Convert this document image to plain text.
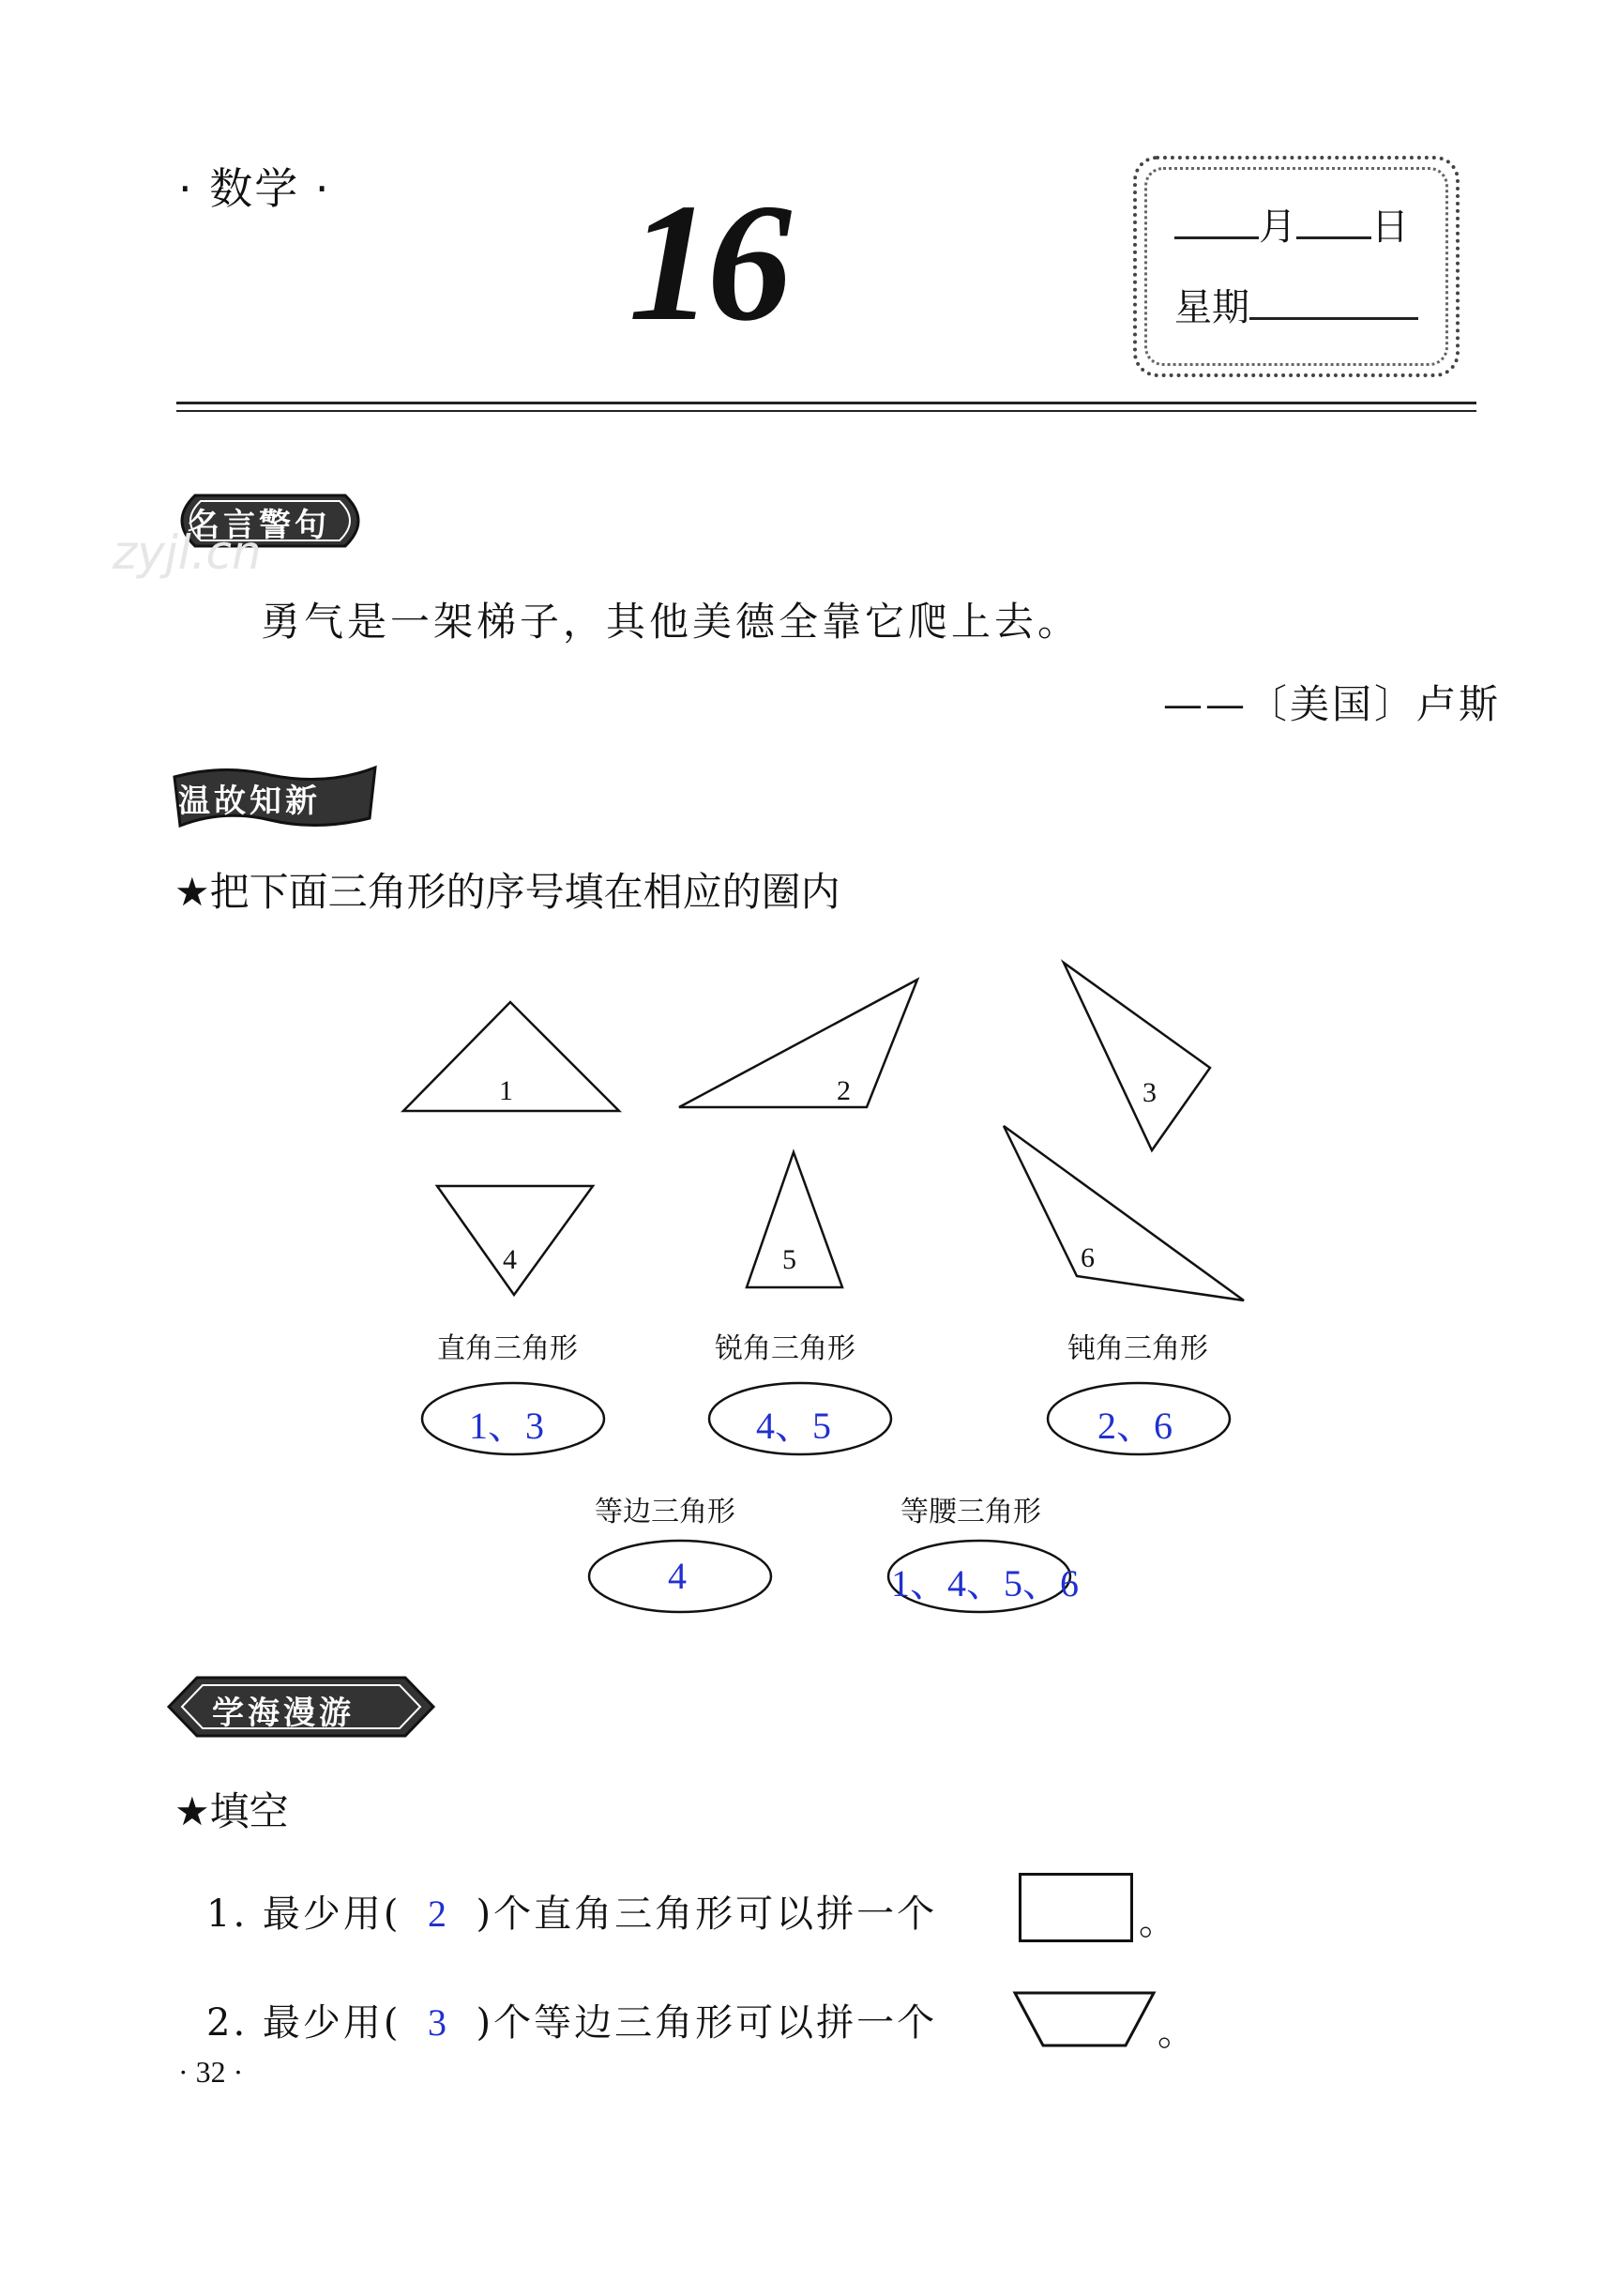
· 数学 · 16	月 日
星期
名言警句
zyjl.cn
勇气是一架梯子，其他美德全靠它爬上去。
——〔美国〕卢斯
温故知新
★把下面三角形的序号填在相应的圈内
1	2	3
4	5	6
直角三角形	锐角三角形	钝角三角形
等边三角形	等腰三角形
1、3	4、5	2、6
4	1、4、5、6
学海漫游
★填空
1. 最少用( 2 )个直角三角形可以拼一个	。
2. 最少用( 3 )个等边三角形可以拼一个	。
· 32 ·
